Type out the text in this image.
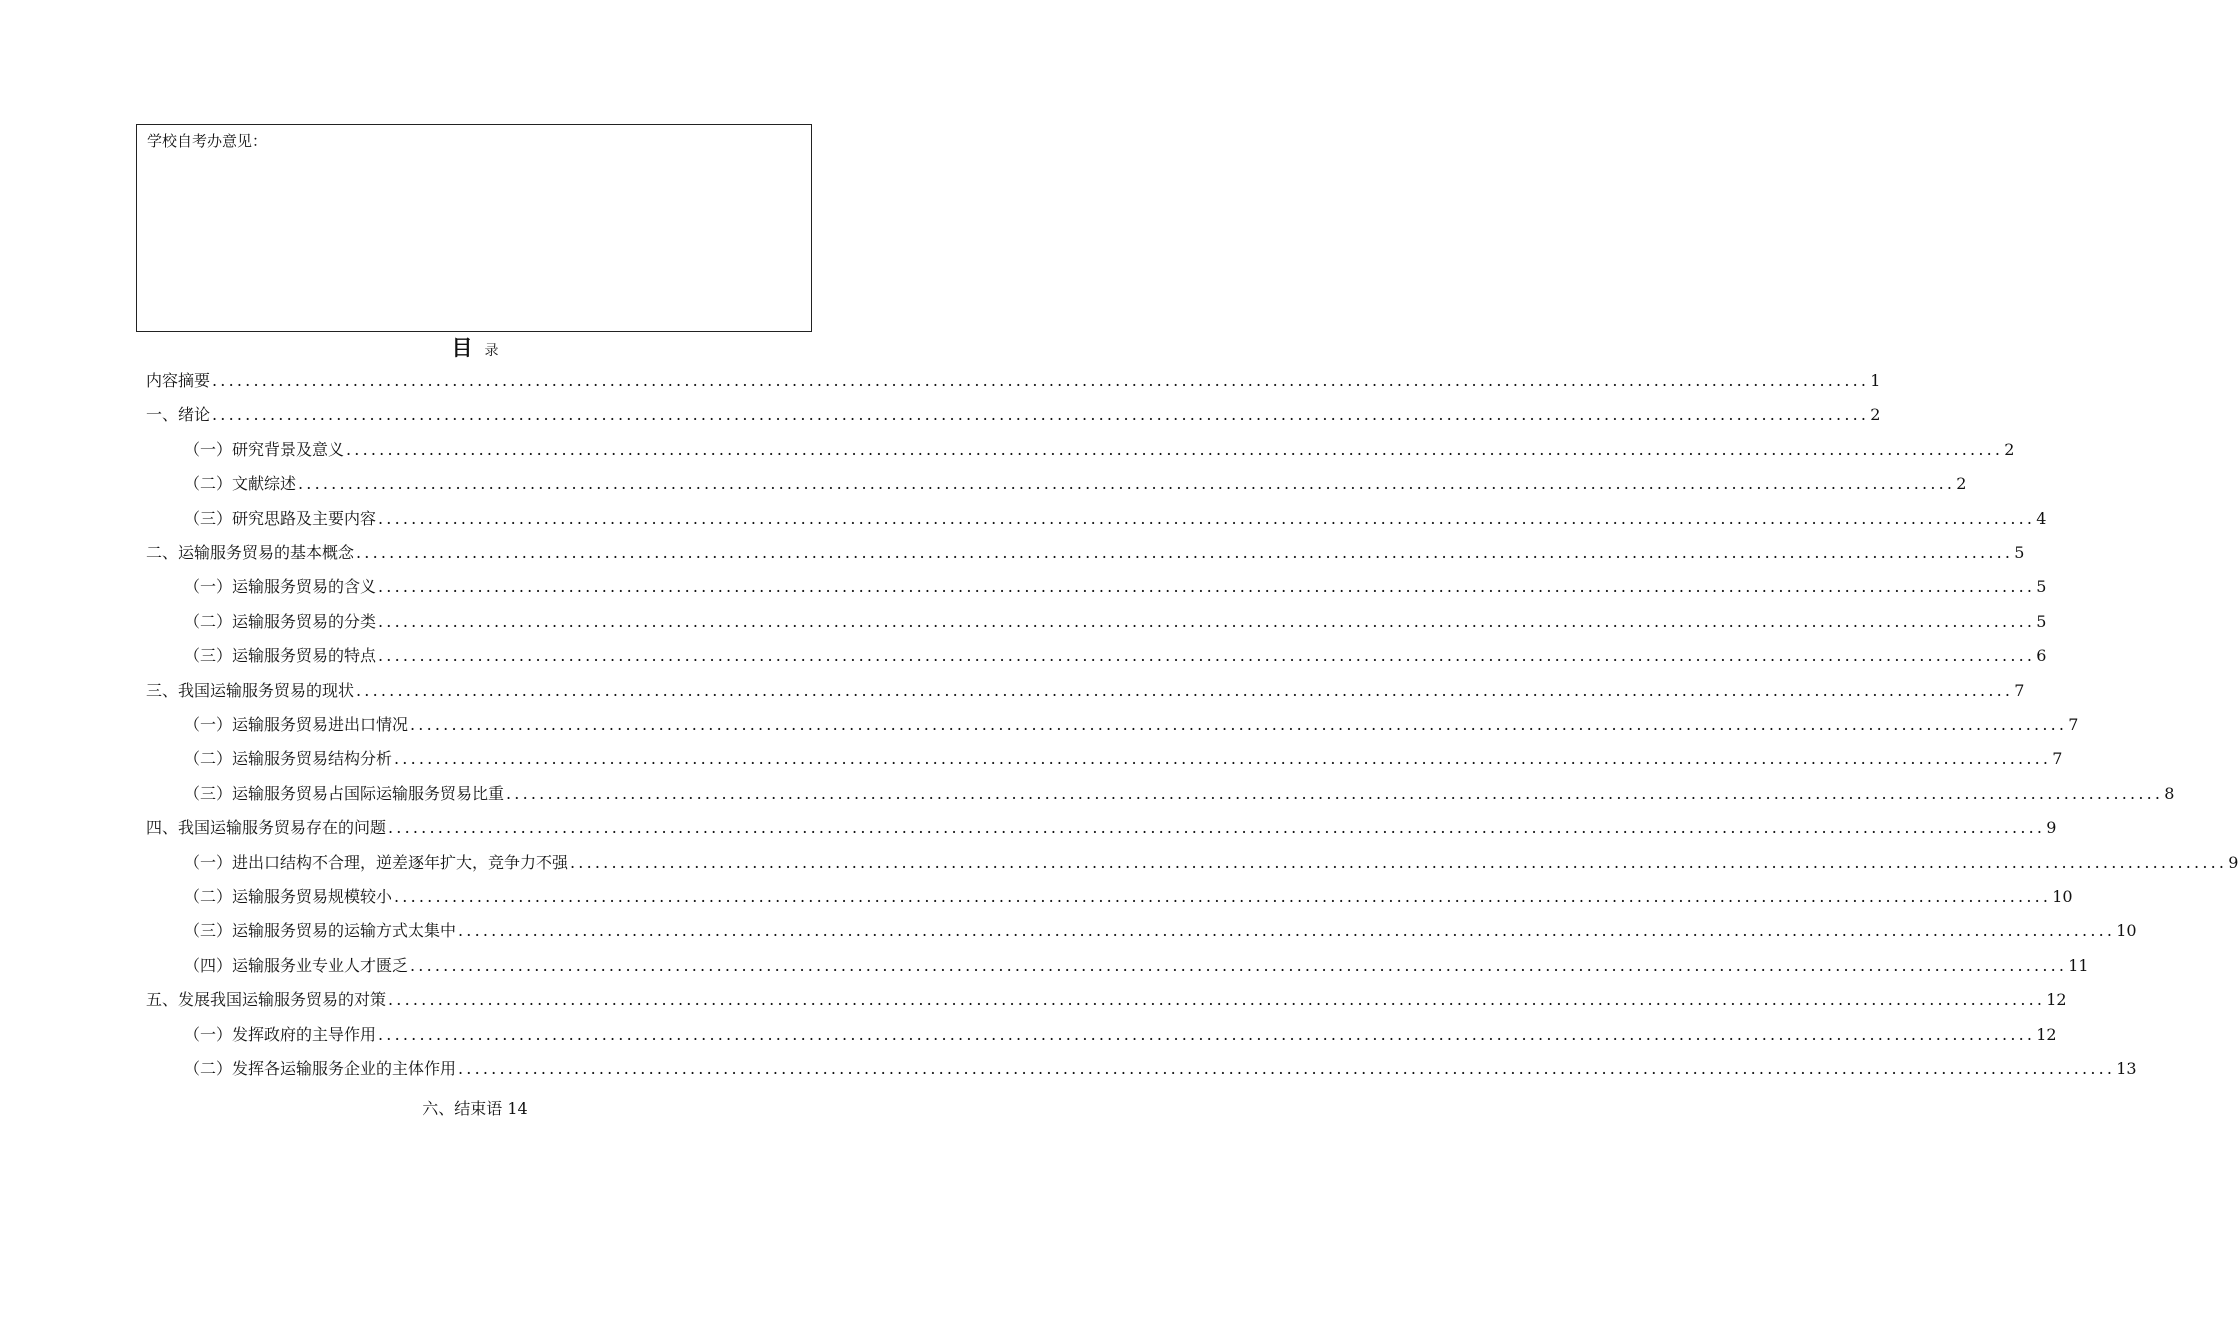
学校自考办意见：
目录
内容摘要 ........................................................................................................................................................................................................ 1
一、绪论 ........................................................................................................................................................................................................ 2
（一）研究背景及意义 ........................................................................................................................................................................................................ 2
（二）文献综述 ........................................................................................................................................................................................................ 2
（三）研究思路及主要内容 ........................................................................................................................................................................................................ 4
二、运输服务贸易的基本概念 ........................................................................................................................................................................................................ 5
（一）运输服务贸易的含义 ........................................................................................................................................................................................................ 5
（二）运输服务贸易的分类 ........................................................................................................................................................................................................ 5
（三）运输服务贸易的特点 ........................................................................................................................................................................................................ 6
三、我国运输服务贸易的现状 ........................................................................................................................................................................................................ 7
（一）运输服务贸易进出口情况 ........................................................................................................................................................................................................ 7
（二）运输服务贸易结构分析 ........................................................................................................................................................................................................ 7
（三）运输服务贸易占国际运输服务贸易比重 ........................................................................................................................................................................................................ 8
四、我国运输服务贸易存在的问题 ........................................................................................................................................................................................................ 9
（一）进出口结构不合理，逆差逐年扩大，竞争力不强 ........................................................................................................................................................................................................ 9
（二）运输服务贸易规模较小 ........................................................................................................................................................................................................ 10
（三）运输服务贸易的运输方式太集中 ........................................................................................................................................................................................................ 10
（四）运输服务业专业人才匮乏 ........................................................................................................................................................................................................ 11
五、发展我国运输服务贸易的对策 ........................................................................................................................................................................................................ 12
（一）发挥政府的主导作用 ........................................................................................................................................................................................................ 12
（二）发挥各运输服务企业的主体作用 ........................................................................................................................................................................................................ 13
六、结束语 14
